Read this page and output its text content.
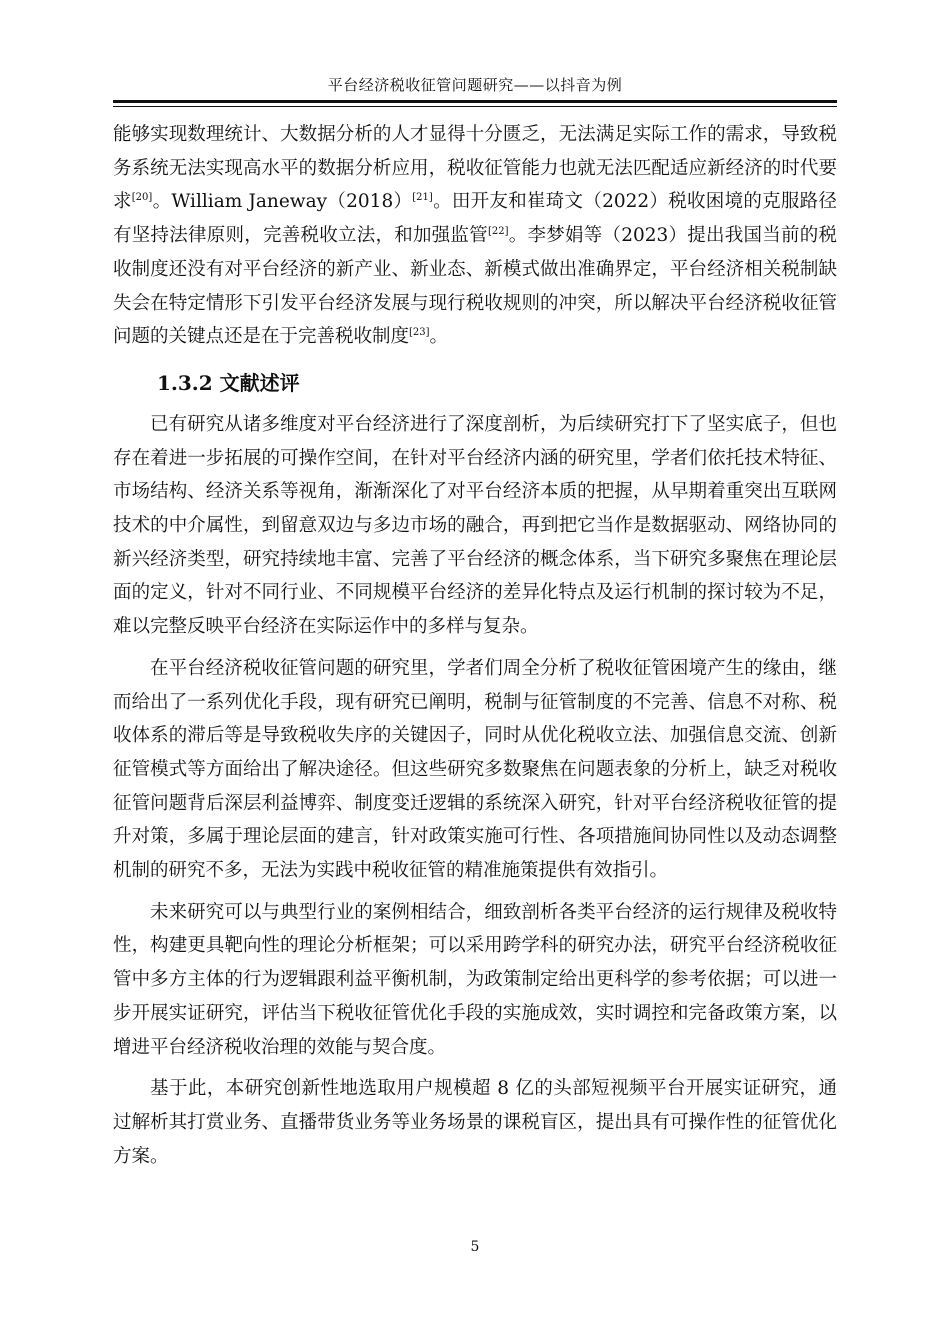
平台经济税收征管问题研究——以抖音为例

能够实现数理统计、大数据分析的人才显得十分匮乏，无法满足实际工作的需求，导致税务系统无法实现高水平的数据分析应用，税收征管能力也就无法匹配适应新经济的时代要求[20]。William Janeway（2018）[21]。田开友和崔琦文（2022）税收困境的克服路径有坚持法律原则，完善税收立法，和加强监管[22]。李梦娟等（2023）提出我国当前的税收制度还没有对平台经济的新产业、新业态、新模式做出准确界定，平台经济相关税制缺失会在特定情形下引发平台经济发展与现行税收规则的冲突，所以解决平台经济税收征管问题的关键点还是在于完善税收制度[23]。

1.3.2 文献述评

已有研究从诸多维度对平台经济进行了深度剖析，为后续研究打下了坚实底子，但也存在着进一步拓展的可操作空间，在针对平台经济内涵的研究里，学者们依托技术特征、市场结构、经济关系等视角，渐渐深化了对平台经济本质的把握，从早期着重突出互联网技术的中介属性，到留意双边与多边市场的融合，再到把它当作是数据驱动、网络协同的新兴经济类型，研究持续地丰富、完善了平台经济的概念体系，当下研究多聚焦在理论层面的定义，针对不同行业、不同规模平台经济的差异化特点及运行机制的探讨较为不足，难以完整反映平台经济在实际运作中的多样与复杂。

在平台经济税收征管问题的研究里，学者们周全分析了税收征管困境产生的缘由，继而给出了一系列优化手段，现有研究已阐明，税制与征管制度的不完善、信息不对称、税收体系的滞后等是导致税收失序的关键因子，同时从优化税收立法、加强信息交流、创新征管模式等方面给出了解决途径。但这些研究多数聚焦在问题表象的分析上，缺乏对税收征管问题背后深层利益博弈、制度变迁逻辑的系统深入研究，针对平台经济税收征管的提升对策，多属于理论层面的建言，针对政策实施可行性、各项措施间协同性以及动态调整机制的研究不多，无法为实践中税收征管的精准施策提供有效指引。

未来研究可以与典型行业的案例相结合，细致剖析各类平台经济的运行规律及税收特性，构建更具靶向性的理论分析框架；可以采用跨学科的研究办法，研究平台经济税收征管中多方主体的行为逻辑跟利益平衡机制，为政策制定给出更科学的参考依据；可以进一步开展实证研究，评估当下税收征管优化手段的实施成效，实时调控和完备政策方案，以增进平台经济税收治理的效能与契合度。

基于此，本研究创新性地选取用户规模超 8 亿的头部短视频平台开展实证研究，通过解析其打赏业务、直播带货业务等业务场景的课税盲区，提出具有可操作性的征管优化方案。

5
